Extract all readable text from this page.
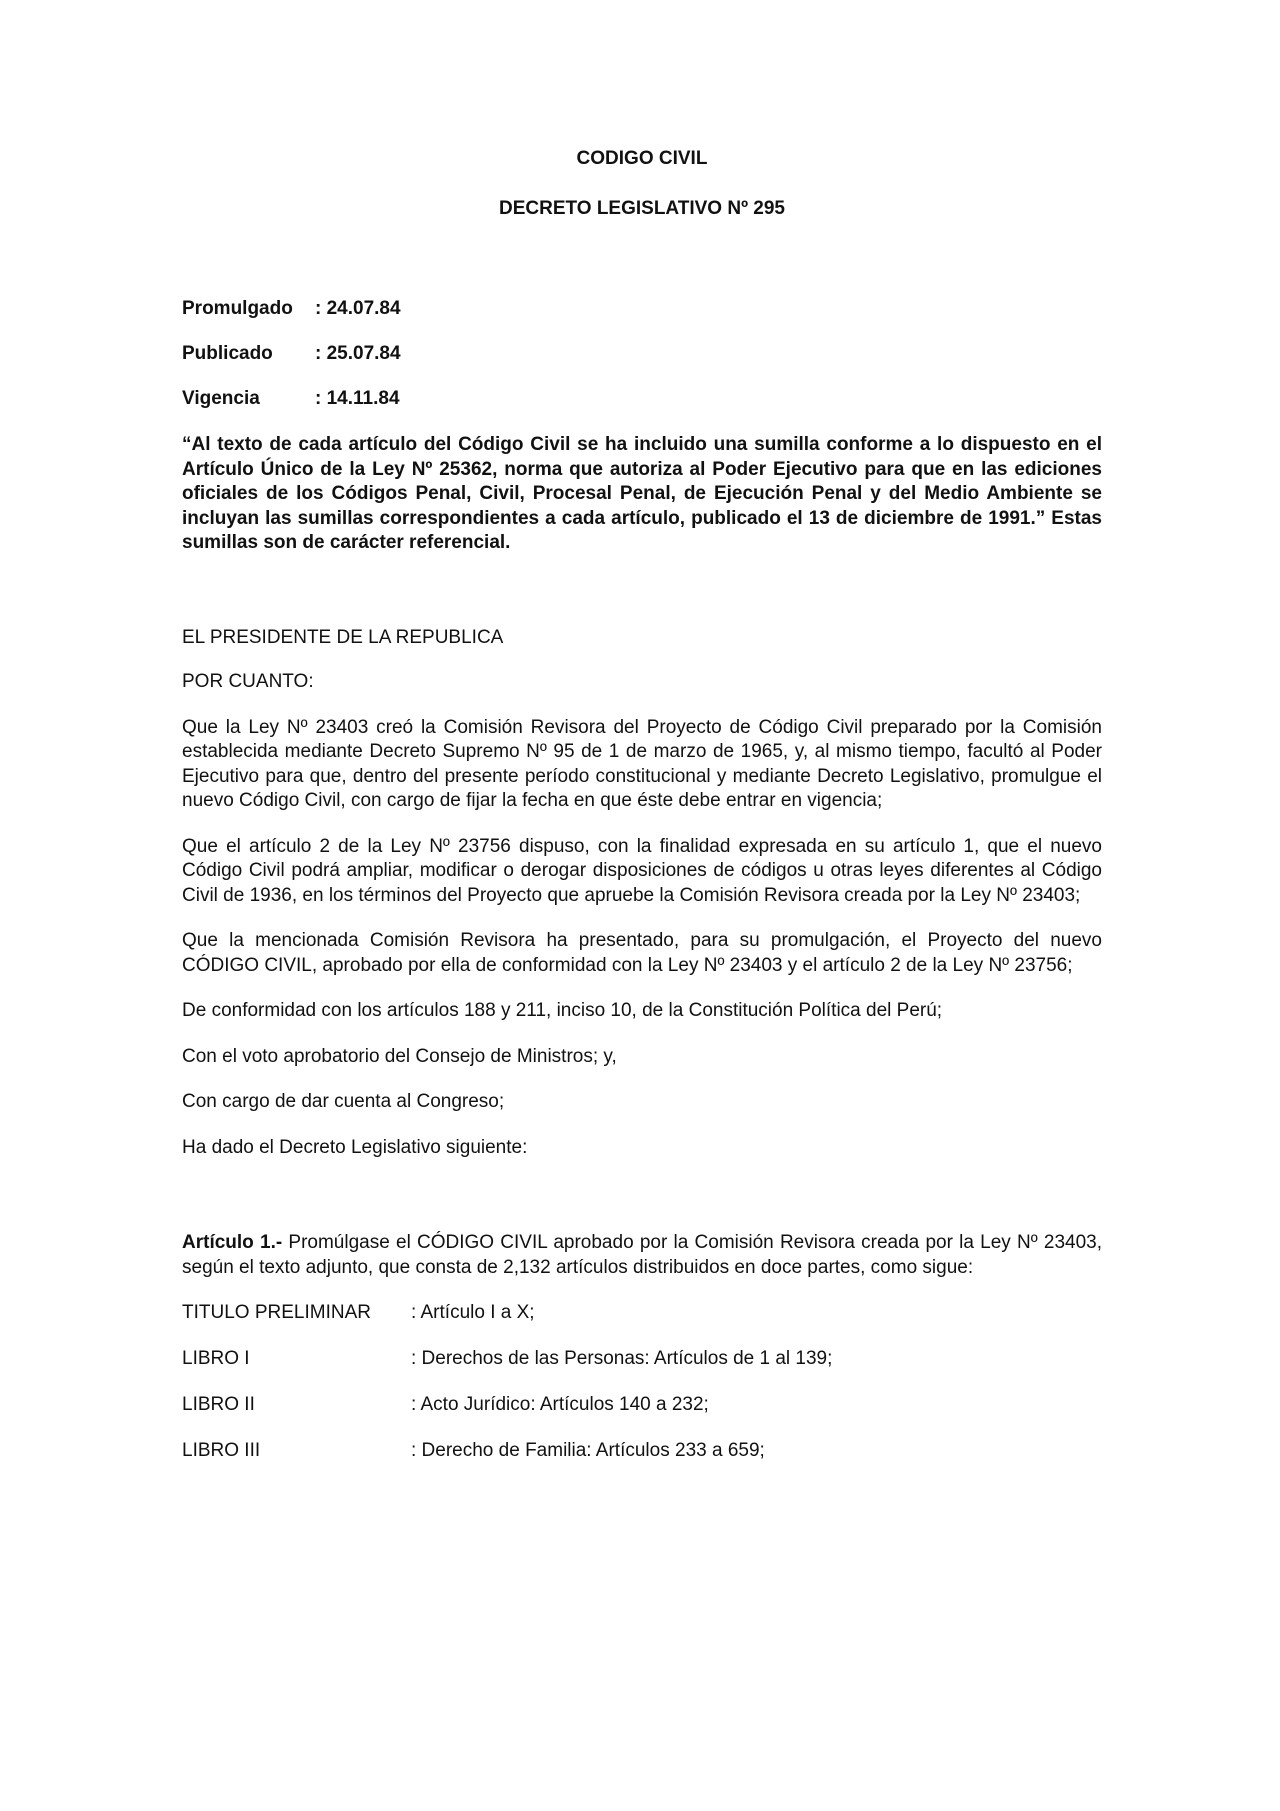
CODIGO CIVIL

DECRETO LEGISLATIVO Nº 295

Promulgado	: 24.07.84
Publicado	: 25.07.84
Vigencia	: 14.11.84

“Al texto de cada artículo del Código Civil se ha incluido una sumilla conforme a lo dispuesto en el Artículo Único de la Ley Nº 25362, norma que autoriza al Poder Ejecutivo para que en las ediciones oficiales de los Códigos Penal, Civil, Procesal Penal, de Ejecución Penal y del Medio Ambiente se incluyan las sumillas correspondientes a cada artículo, publicado el 13 de diciembre de 1991.” Estas sumillas son de carácter referencial.

EL PRESIDENTE DE LA REPUBLICA

POR CUANTO:

Que la Ley Nº 23403 creó la Comisión Revisora del Proyecto de Código Civil preparado por la Comisión establecida mediante Decreto Supremo Nº 95 de 1 de marzo de 1965, y, al mismo tiempo, facultó al Poder Ejecutivo para que, dentro del presente período constitucional y mediante Decreto Legislativo, promulgue el nuevo Código Civil, con cargo de fijar la fecha en que éste debe entrar en vigencia;

Que el artículo 2 de la Ley Nº 23756 dispuso, con la finalidad expresada en su artículo 1, que el nuevo Código Civil podrá ampliar, modificar o derogar disposiciones de códigos u otras leyes diferentes al Código Civil de 1936, en los términos del Proyecto que apruebe la Comisión Revisora creada por la Ley Nº 23403;

Que la mencionada Comisión Revisora ha presentado, para su promulgación, el Proyecto del nuevo CÓDIGO CIVIL, aprobado por ella de conformidad con la Ley Nº 23403 y el artículo 2 de la Ley Nº 23756;

De conformidad con los artículos 188 y 211, inciso 10, de la Constitución Política del Perú;

Con el voto aprobatorio del Consejo de Ministros; y,

Con cargo de dar cuenta al Congreso;

Ha dado el Decreto Legislativo siguiente:

Artículo 1.- Promúlgase el CÓDIGO CIVIL aprobado por la Comisión Revisora creada por la Ley Nº 23403, según el texto adjunto, que consta de 2,132 artículos distribuidos en doce partes, como sigue:

TITULO PRELIMINAR	: Artículo I a X;
LIBRO I	: Derechos de las Personas: Artículos de 1 al 139;
LIBRO II	: Acto Jurídico: Artículos 140 a 232;
LIBRO III	: Derecho de Familia: Artículos 233 a 659;
